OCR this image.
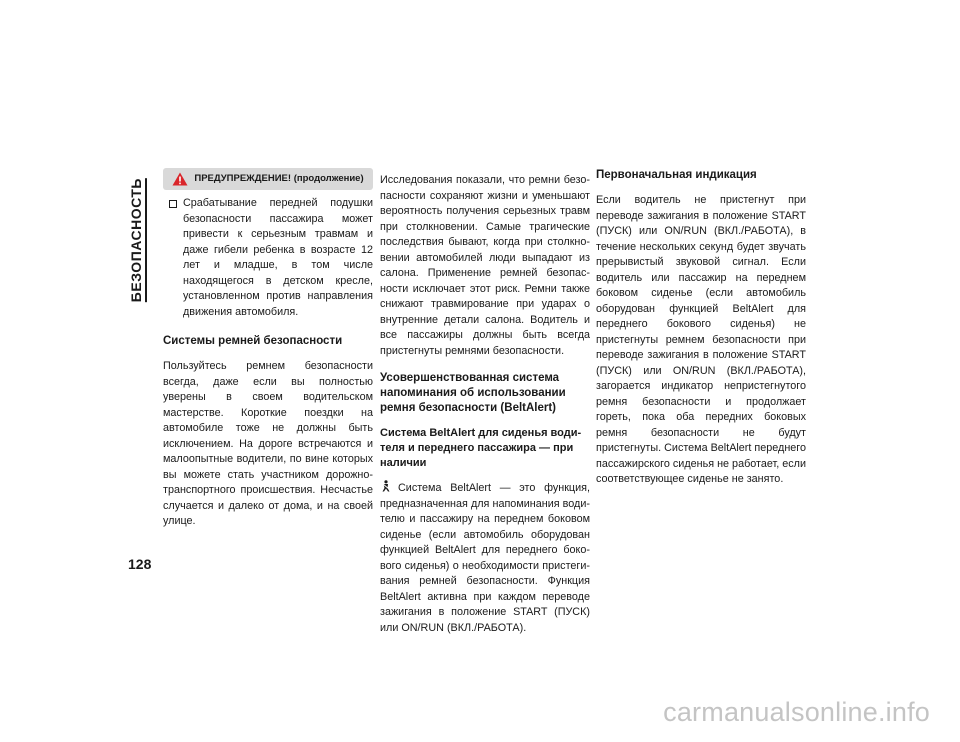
БЕЗОПАСНОСТЬ
128
ПРЕДУПРЕЖДЕНИЕ! (продолжение)

Срабатывание передней подушки безопасности пассажира может привести к серьезным травмам и даже гибели ребенка в возрасте 12 лет и младше, в том числе находящегося в детском кресле, установленном против направления движения автомобиля.

Системы ремней безопасности

Пользуйтесь ремнем безопасности всегда, даже если вы полностью уверены в своем водительском мастерстве. Короткие поездки на автомобиле тоже не должны быть исключением. На дороге встречаются и малоопытные водители, по вине которых вы можете стать участником дорожно-транспортного происшествия. Несчастье случается и далеко от дома, и на своей улице.

Исследования показали, что ремни безопасности сохраняют жизни и уменьшают вероятность получения серьезных травм при столкновении. Самые трагические последствия бывают, когда при столкновении автомобилей люди выпадают из салона. Применение ремней безопасности исключает этот риск. Ремни также снижают травмирование при ударах о внутренние детали салона. Водитель и все пассажиры должны быть всегда пристегнуты ремнями безопасности.

Усовершенствованная система напоминания об использовании ремня безопасности (BeltAlert)
Система BeltAlert для сиденья водителя и переднего пассажира — при наличии

Система BeltAlert — это функция, предназначенная для напоминания водителю и пассажиру на переднем боковом сиденье (если автомобиль оборудован функцией BeltAlert для переднего бокового сиденья) о необходимости пристегивания ремней безопасности. Функция BeltAlert активна при каждом переводе зажигания в положение START (ПУСК) или ON/RUN (ВКЛ./РАБОТА).

Первоначальная индикация

Если водитель не пристегнут при переводе зажигания в положение START (ПУСК) или ON/RUN (ВКЛ./РАБОТА), в течение нескольких секунд будет звучать прерывистый звуковой сигнал. Если водитель или пассажир на переднем боковом сиденье (если автомобиль оборудован функцией BeltAlert для переднего бокового сиденья) не пристегнуты ремнем безопасности при переводе зажигания в положение START (ПУСК) или ON/RUN (ВКЛ./РАБОТА), загорается индикатор непристегнутого ремня безопасности и продолжает гореть, пока оба передних боковых ремня безопасности не будут пристегнуты. Система BeltAlert переднего пассажирского сиденья не работает, если соответствующее сиденье не занято.

carmanualsonline.info
